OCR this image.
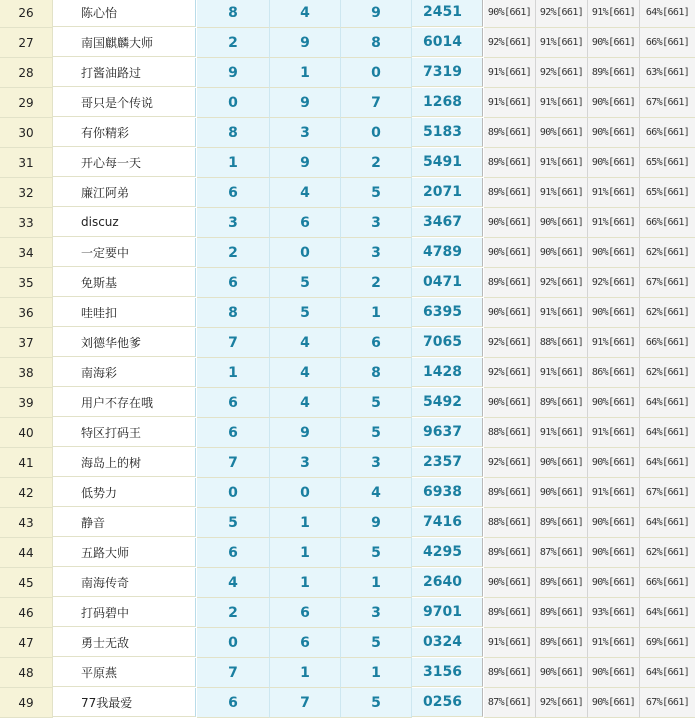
26	陈心怡	8	4	9	2451	90%[661] 92%[661] 91%[661]	64%[661]
27	南国麒麟大师	2	9	8	6014	92%[661] 91%[661] 90%[661]	66%[661]
28	打酱油路过	9	1	0	7319	91%[661] 92%[661] 89%[661]	63%[661]
29	哥只是个传说	0	9	7	1268	91%[661] 91%[661] 90%[661]	67%[661]
30	有你精彩	8	3	0	5183	89%[661] 90%[661] 90%[661]	66%[661]
31	开心每一天	1	9	2	5491	89%[661] 91%[661] 90%[661]	65%[661]
32	廉江阿弟	6	4	5	2071	89%[661] 91%[661] 91%[661]	65%[661]
33	discuz	3	6	3	3467	90%[661] 90%[661] 91%[661]	66%[661]
34	一定要中	2	0	3	4789	90%[661] 90%[661] 90%[661]	62%[661]
35	免斯基	6	5	2	0471	89%[661] 92%[661] 92%[661]	67%[661]
36	哇哇扣	8	5	1	6395	90%[661] 91%[661] 90%[661]	62%[661]
37	刘德华他爹	7	4	6	7065	92%[661] 88%[661] 91%[661]	66%[661]
38	南海彩	1	4	8	1428	92%[661] 91%[661] 86%[661]	62%[661]
39	用户不存在哦	6	4	5	5492	90%[661] 89%[661] 90%[661]	64%[661]
40	特区打码王	6	9	5	9637	88%[661] 91%[661] 91%[661]	64%[661]
41	海岛上的树	7	3	3	2357	92%[661] 90%[661] 90%[661]	64%[661]
42	低势力	0	0	4	6938	89%[661] 90%[661] 91%[661]	67%[661]
43	静音	5	1	9	7416	88%[661] 89%[661] 90%[661]	64%[661]
44	五路大师	6	1	5	4295	89%[661] 87%[661] 90%[661]	62%[661]
45	南海传奇	4	1	1	2640	90%[661] 89%[661] 90%[661]	66%[661]
46	打码碧中	2	6	3	9701	89%[661] 89%[661] 93%[661]	64%[661]
47	勇士无敌	0	6	5	0324	91%[661] 89%[661] 91%[661]	69%[661]
48	平原燕	7	1	1	3156	89%[661] 90%[661] 90%[661]	64%[661]
49	77我最爱	6	7	5	0256	87%[661] 92%[661] 90%[661]	67%[661]
